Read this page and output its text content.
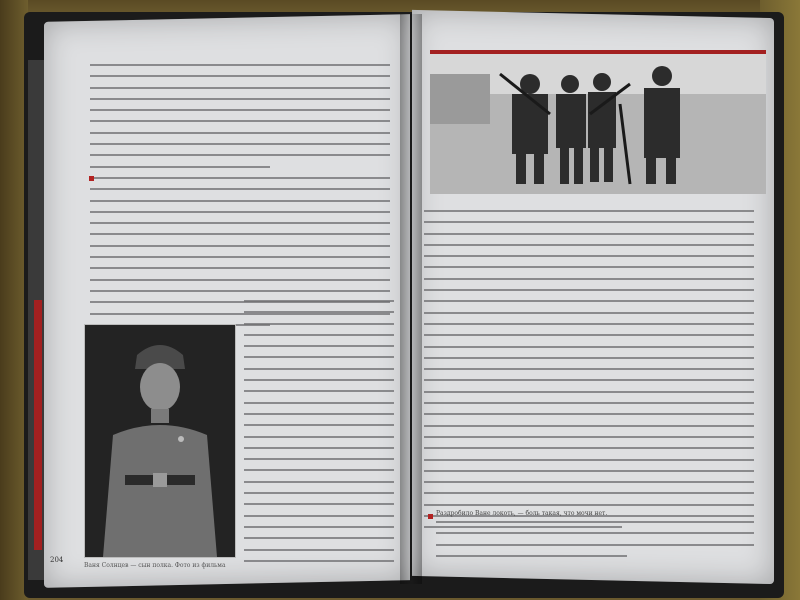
Ваня Солнцев — сын полка. Фото из фильма
204
Раздробило Ване локоть, — боль такая, что мочи нет.
